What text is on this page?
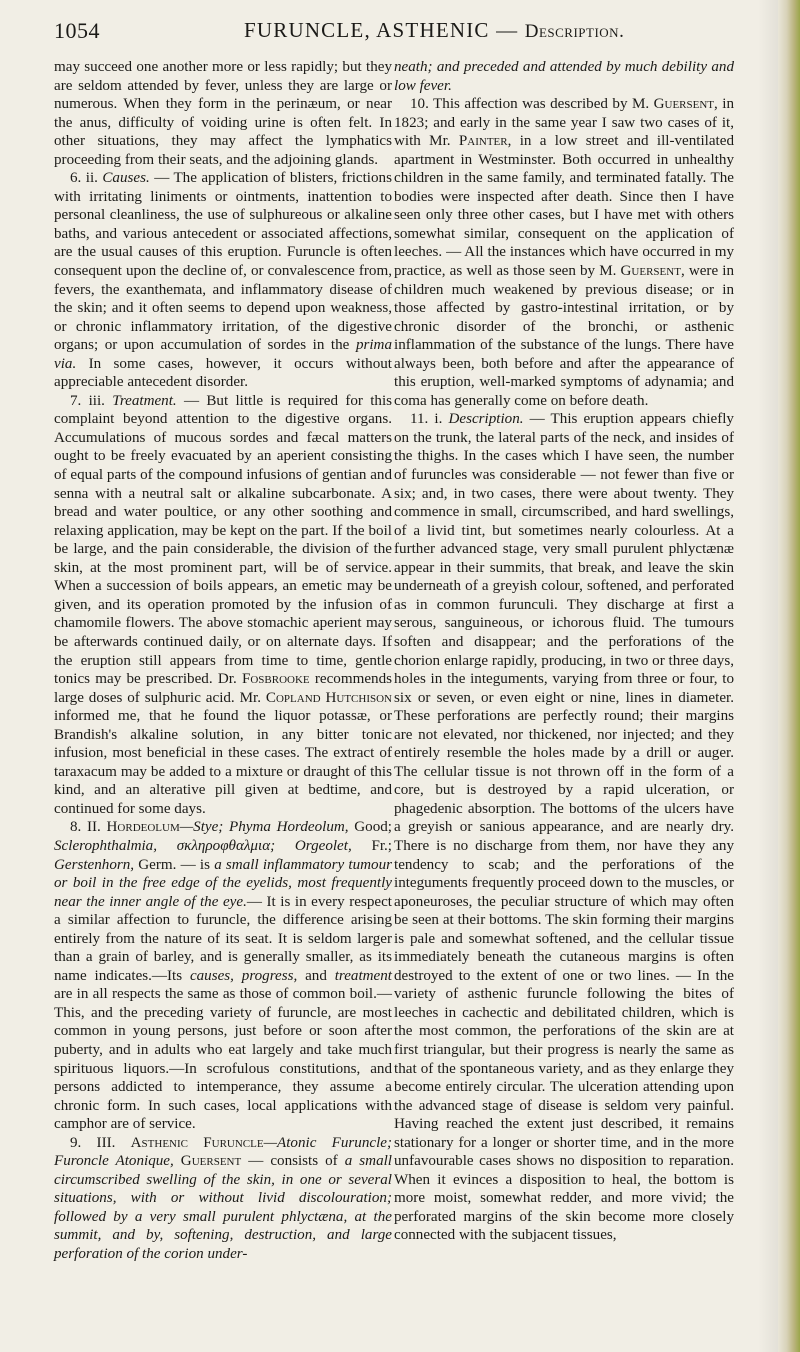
1054	FURUNCLE, ASTHENIC — Description.

may succeed one another more or less rapidly; but they are seldom attended by fever, unless they are large or numerous. When they form in the perinæum, or near the anus, difficulty of voiding urine is often felt. In other situations, they may affect the lymphatics proceeding from their seats, and the adjoining glands.

6. ii. Causes. — The application of blisters, frictions with irritating liniments or ointments, inattention to personal cleanliness, the use of sulphureous or alkaline baths, and various antecedent or associated affections, are the usual causes of this eruption. Furuncle is often consequent upon the decline of, or convalescence from, fevers, the exanthemata, and inflammatory disease of the skin; and it often seems to depend upon weakness, or chronic inflammatory irritation, of the digestive organs; or upon accumulation of sordes in the prima via. In some cases, however, it occurs without appreciable antecedent disorder.

7. iii. Treatment. — But little is required for this complaint beyond attention to the digestive organs. Accumulations of mucous sordes and fæcal matters ought to be freely evacuated by an aperient consisting of equal parts of the compound infusions of gentian and senna with a neutral salt or alkaline subcarbonate. A bread and water poultice, or any other soothing and relaxing application, may be kept on the part. If the boil be large, and the pain considerable, the division of the skin, at the most prominent part, will be of service. When a succession of boils appears, an emetic may be given, and its operation promoted by the infusion of chamomile flowers. The above stomachic aperient may be afterwards continued daily, or on alternate days. If the eruption still appears from time to time, gentle tonics may be prescribed. Dr. Fosbrooke recommends large doses of sulphuric acid. Mr. Copland Hutchison informed me, that he found the liquor potassæ, or Brandish's alkaline solution, in any bitter tonic infusion, most beneficial in these cases. The extract of taraxacum may be added to a mixture or draught of this kind, and an alterative pill given at bedtime, and continued for some days.

8. II. Hordeolum—Stye; Phyma Hordeolum, Good; Sclerophthalmia, σκληροφθαλμια; Orgeolet, Fr.; Gerstenhorn, Germ. — is a small inflammatory tumour or boil in the free edge of the eyelids, most frequently near the inner angle of the eye.— It is in every respect a similar affection to furuncle, the difference arising entirely from the nature of its seat. It is seldom larger than a grain of barley, and is generally smaller, as its name indicates.—Its causes, progress, and treatment are in all respects the same as those of common boil.— This, and the preceding variety of furuncle, are most common in young persons, just before or soon after puberty, and in adults who eat largely and take much spirituous liquors.—In scrofulous constitutions, and persons addicted to intemperance, they assume a chronic form. In such cases, local applications with camphor are of service.

9. III. Asthenic Furuncle—Atonic Furuncle; Furoncle Atonique, Guersent — consists of a small circumscribed swelling of the skin, in one or several situations, with or without livid discolouration; followed by a very small purulent phlyctæna, at the summit, and by, softening, destruction, and large perforation of the corion under-

neath; and preceded and attended by much debility and low fever.

10. This affection was described by M. Guersent, in 1823; and early in the same year I saw two cases of it, with Mr. Painter, in a low street and ill-ventilated apartment in Westminster. Both occurred in unhealthy children in the same family, and terminated fatally. The bodies were inspected after death. Since then I have seen only three other cases, but I have met with others somewhat similar, consequent on the application of leeches. — All the instances which have occurred in my practice, as well as those seen by M. Guersent, were in children much weakened by previous disease; or in those affected by gastro-intestinal irritation, or by chronic disorder of the bronchi, or asthenic inflammation of the substance of the lungs. There have always been, both before and after the appearance of this eruption, well-marked symptoms of adynamia; and coma has generally come on before death.

11. i. Description. — This eruption appears chiefly on the trunk, the lateral parts of the neck, and insides of the thighs. In the cases which I have seen, the number of furuncles was considerable — not fewer than five or six; and, in two cases, there were about twenty. They commence in small, circumscribed, and hard swellings, of a livid tint, but sometimes nearly colourless. At a further advanced stage, very small purulent phlyctænæ appear in their summits, that break, and leave the skin underneath of a greyish colour, softened, and perforated as in common furunculi. They discharge at first a serous, sanguineous, or ichorous fluid. The tumours soften and disappear; and the perforations of the chorion enlarge rapidly, producing, in two or three days, holes in the integuments, varying from three or four, to six or seven, or even eight or nine, lines in diameter. These perforations are perfectly round; their margins are not elevated, nor thickened, nor injected; and they entirely resemble the holes made by a drill or auger. The cellular tissue is not thrown off in the form of a core, but is destroyed by a rapid ulceration, or phagedenic absorption. The bottoms of the ulcers have a greyish or sanious appearance, and are nearly dry. There is no discharge from them, nor have they any tendency to scab; and the perforations of the integuments frequently proceed down to the muscles, or aponeuroses, the peculiar structure of which may often be seen at their bottoms. The skin forming their margins is pale and somewhat softened, and the cellular tissue immediately beneath the cutaneous margins is often destroyed to the extent of one or two lines. — In the variety of asthenic furuncle following the bites of leeches in cachectic and debilitated children, which is the most common, the perforations of the skin are at first triangular, but their progress is nearly the same as that of the spontaneous variety, and as they enlarge they become entirely circular. The ulceration attending upon the advanced stage of disease is seldom very painful. Having reached the extent just described, it remains stationary for a longer or shorter time, and in the more unfavourable cases shows no disposition to reparation. When it evinces a disposition to heal, the bottom is more moist, somewhat redder, and more vivid; the perforated margins of the skin become more closely connected with the subjacent tissues,
